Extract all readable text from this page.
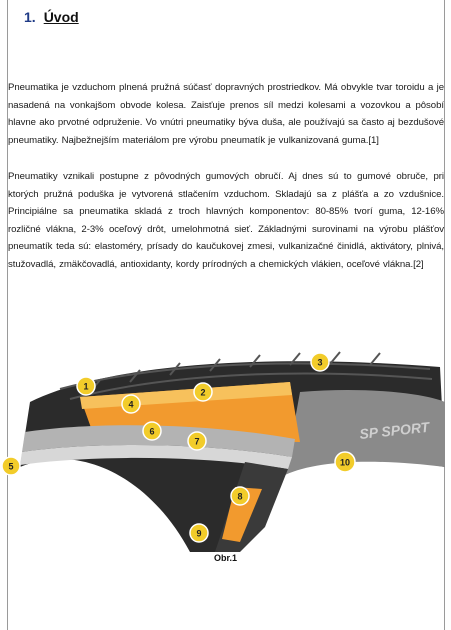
1. Úvod

Pneumatika je vzduchom plnená pružná súčasť dopravných prostriedkov. Má obvykle tvar toroidu a je nasadená na vonkajšom obvode kolesa. Zaisťuje prenos síl medzi kolesami a vozovkou a pôsobí hlavne ako prvotné odpruženie. Vo vnútri pneumatiky býva duša, ale používajú sa často aj bezdušové pneumatiky. Najbežnejším materiálom pre výrobu pneumatík je vulkanizovaná guma.[1]

Pneumatiky vznikali postupne z pôvodných gumových obručí. Aj dnes sú to gumové obruče, pri ktorých pružná poduška je vytvorená stlačením vzduchom. Skladajú sa z plášťa a zo vzdušnice. Principiálne sa pneumatika skladá z troch hlavných komponentov: 80-85% tvorí guma, 12-16% rozličné vlákna, 2-3% oceľový drôt, umelohmotná sieť. Základnými surovinami na výrobu plášťov pneumatík teda sú: elastoméry, prísady do kaučukovej zmesi, vulkanizačné činidlá, aktivátory, plnivá, stužovadlá, zmäkčovadlá, antioxidanty, kordy prírodných a chemických vlákien, oceľové vlákna.[2]

SP SPORT
1
2
3
4
5
6
7
8
9
10
Obr.1
